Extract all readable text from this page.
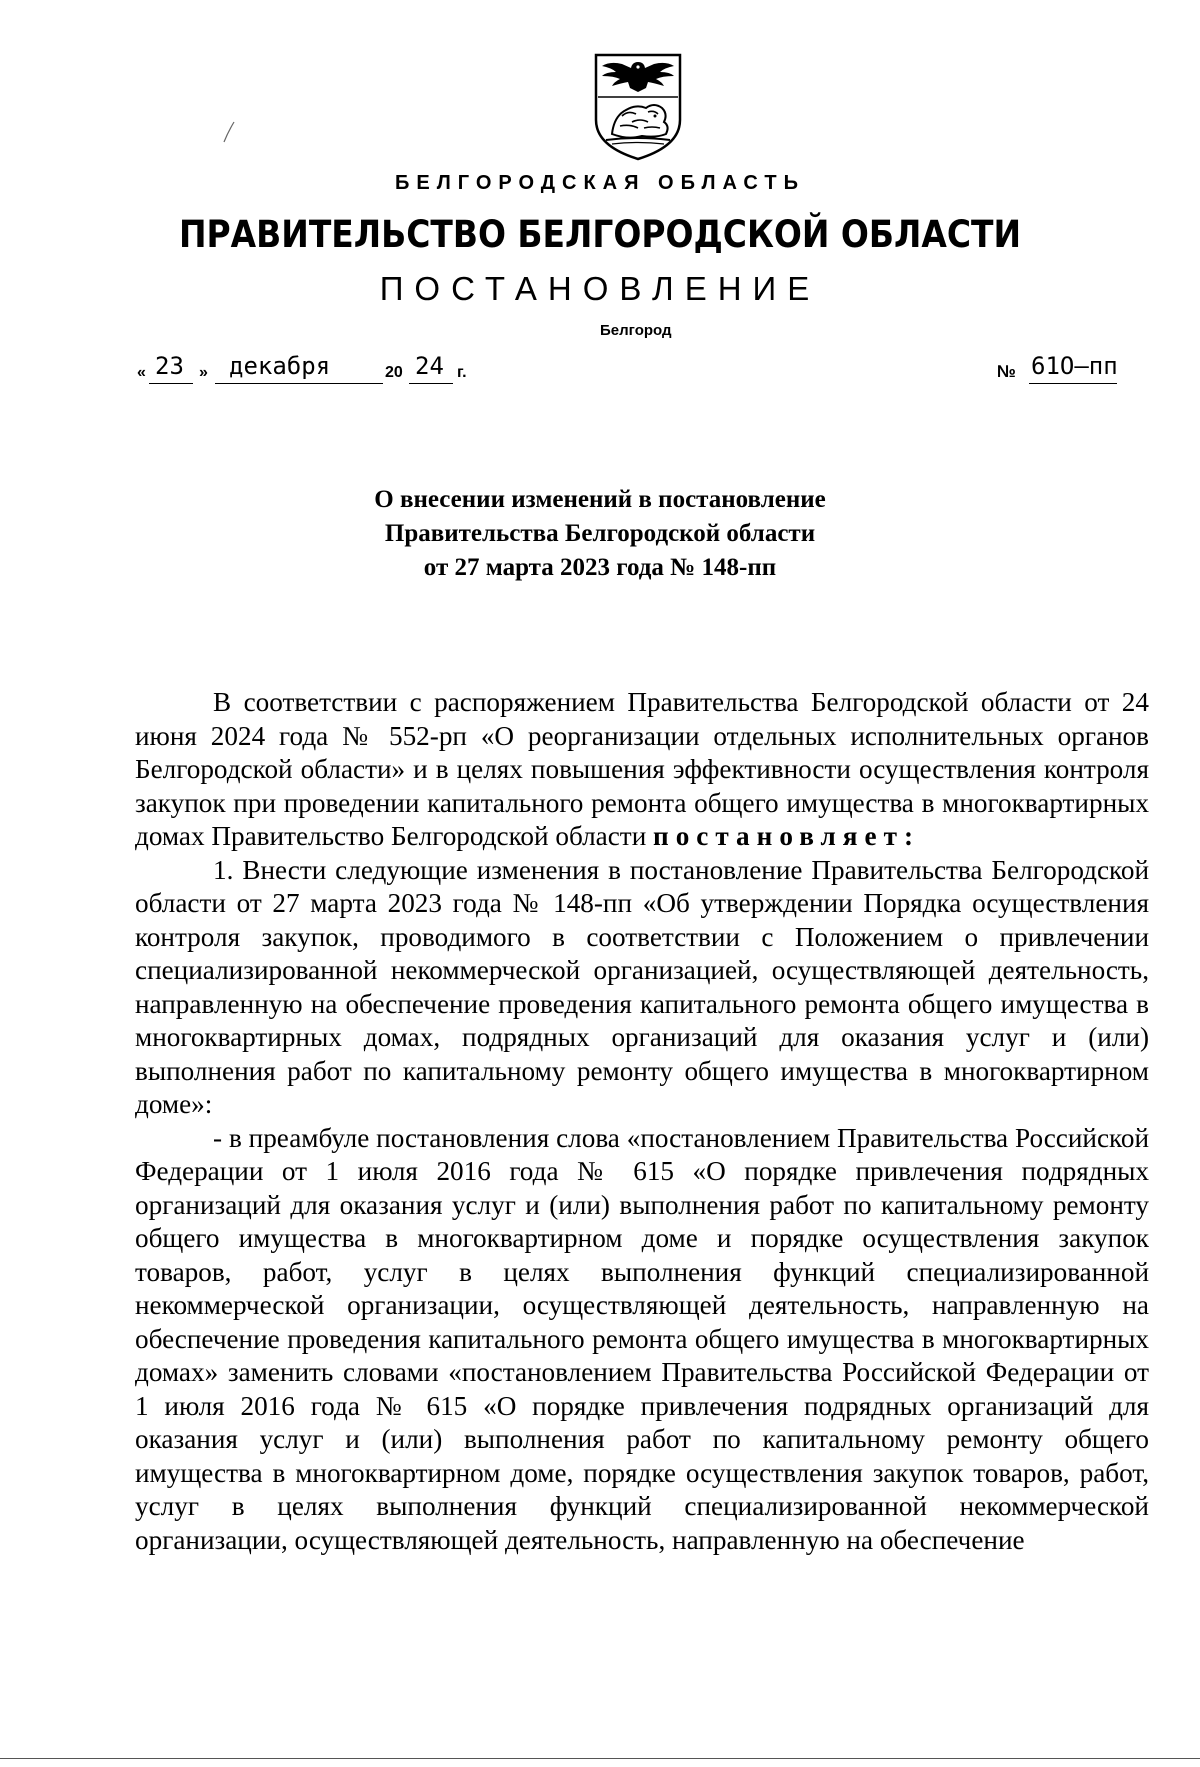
БЕЛГОРОДСКАЯ ОБЛАСТЬ
ПРАВИТЕЛЬСТВО БЕЛГОРОДСКОЙ ОБЛАСТИ
ПОСТАНОВЛЕНИЕ
Белгород
« 23 » декабря	20 24 г.	№ 61О–пп
О внесении изменений в постановление
Правительства Белгородской области
от 27 марта 2023 года № 148-пп

В соответствии с распоряжением Правительства Белгородской области от 24 июня 2024 года № 552-рп «О реорганизации отдельных исполнительных органов Белгородской области» и в целях повышения эффективности осуществления контроля закупок при проведении капитального ремонта общего имущества в многоквартирных домах Правительство Белгородской области постановляет:

1. Внести следующие изменения в постановление Правительства Белгородской области от 27 марта 2023 года № 148-пп «Об утверждении Порядка осуществления контроля закупок, проводимого в соответствии с Положением о привлечении специализированной некоммерческой организацией, осуществляющей деятельность, направленную на обеспечение проведения капитального ремонта общего имущества в многоквартирных домах, подрядных организаций для оказания услуг и (или) выполнения работ по капитальному ремонту общего имущества в многоквартирном доме»:

- в преамбуле постановления слова «постановлением Правительства Российской Федерации от 1 июля 2016 года № 615 «О порядке привлечения подрядных организаций для оказания услуг и (или) выполнения работ по капитальному ремонту общего имущества в многоквартирном доме и порядке осуществления закупок товаров, работ, услуг в целях выполнения функций специализированной некоммерческой организации, осуществляющей деятельность, направленную на обеспечение проведения капитального ремонта общего имущества в многоквартирных домах» заменить словами «постановлением Правительства Российской Федерации от 1 июля 2016 года № 615 «О порядке привлечения подрядных организаций для оказания услуг и (или) выполнения работ по капитальному ремонту общего имущества в многоквартирном доме, порядке осуществления закупок товаров, работ, услуг в целях выполнения функций специализированной некоммерческой организации, осуществляющей деятельность, направленную на обеспечение
